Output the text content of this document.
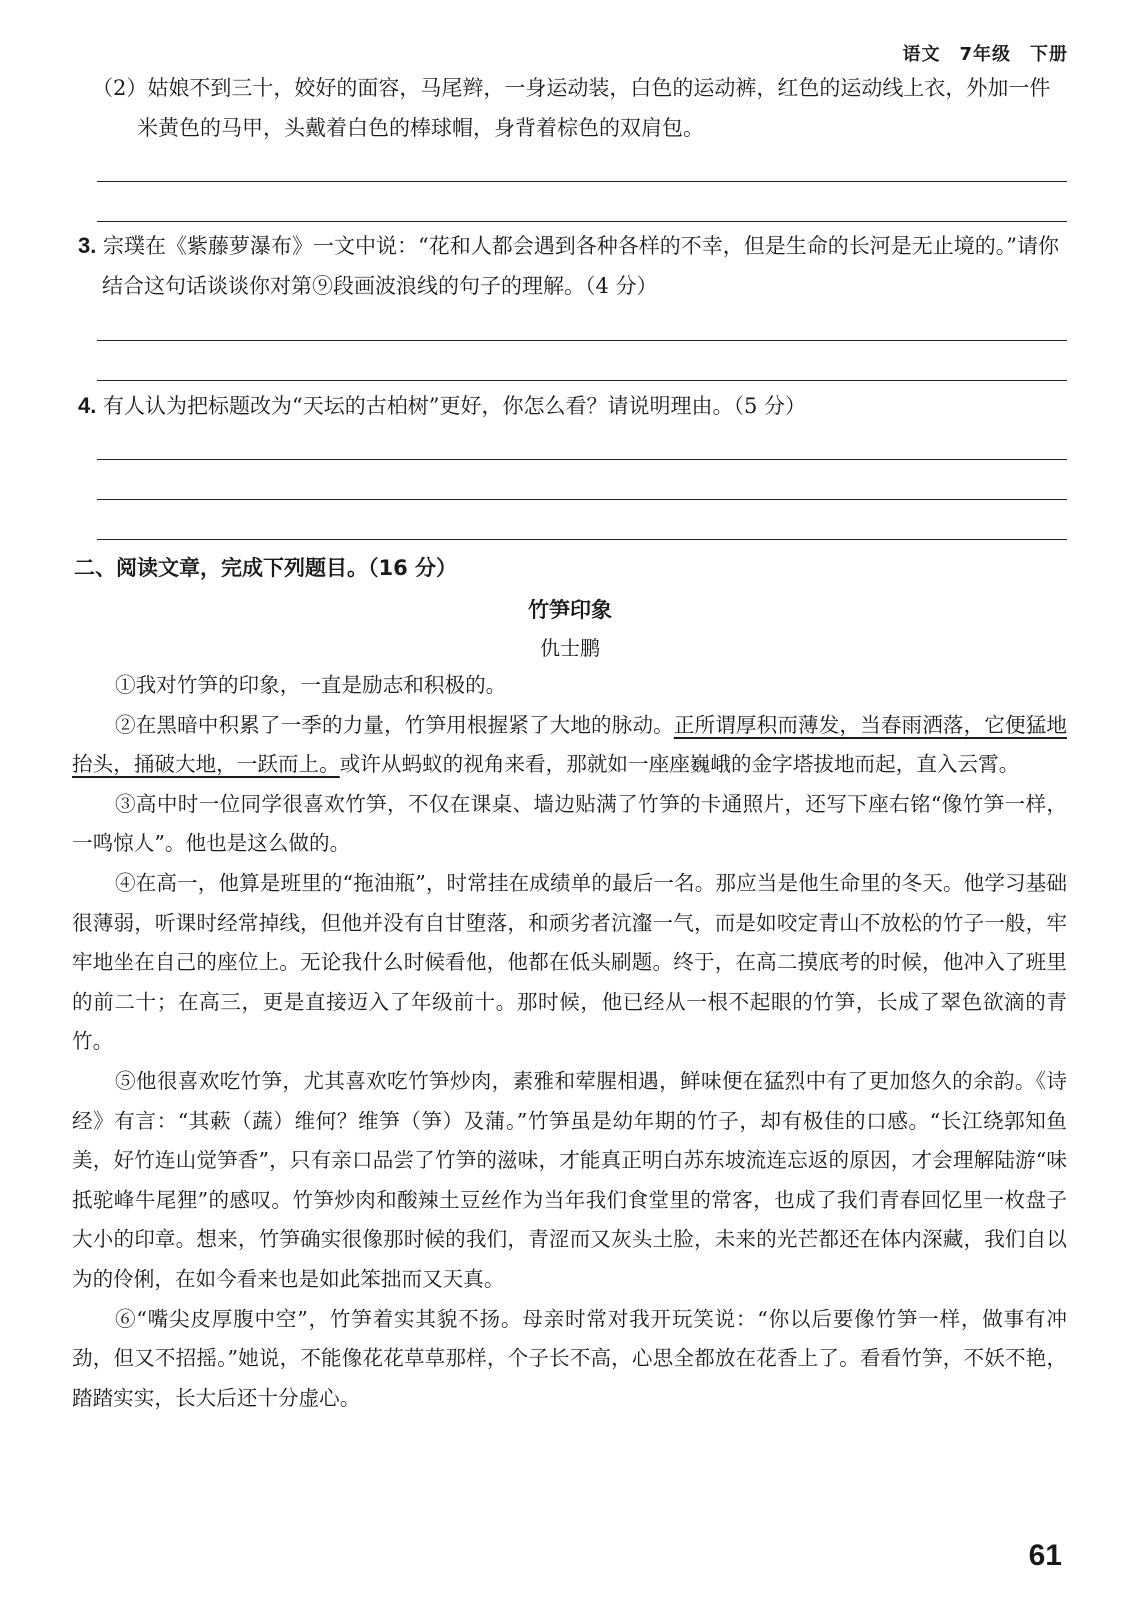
语文　7年级　下册
（2）姑娘不到三十，姣好的面容，马尾辫，一身运动装，白色的运动裤，红色的运动线上衣，外加一件米黄色的马甲，头戴着白色的棒球帽，身背着棕色的双肩包。
3. 宗璞在《紫藤萝瀑布》一文中说：“花和人都会遇到各种各样的不幸，但是生命的长河是无止境的。”请你结合这句话谈谈你对第⑨段画波浪线的句子的理解。（4 分）
4. 有人认为把标题改为“天坛的古柏树”更好，你怎么看？请说明理由。（5 分）
二、阅读文章，完成下列题目。（16 分）
竹笋印象
仇士鹏

①我对竹笋的印象，一直是励志和积极的。

②在黑暗中积累了一季的力量，竹笋用根握紧了大地的脉动。正所谓厚积而薄发，当春雨洒落，它便猛地抬头，捅破大地，一跃而上。或许从蚂蚁的视角来看，那就如一座座巍峨的金字塔拔地而起，直入云霄。

③高中时一位同学很喜欢竹笋，不仅在课桌、墙边贴满了竹笋的卡通照片，还写下座右铭“像竹笋一样，一鸣惊人”。他也是这么做的。

④在高一，他算是班里的“拖油瓶”，时常挂在成绩单的最后一名。那应当是他生命里的冬天。他学习基础很薄弱，听课时经常掉线，但他并没有自甘堕落，和顽劣者沆瀣一气，而是如咬定青山不放松的竹子一般，牢牢地坐在自己的座位上。无论我什么时候看他，他都在低头刷题。终于，在高二摸底考的时候，他冲入了班里的前二十；在高三，更是直接迈入了年级前十。那时候，他已经从一根不起眼的竹笋，长成了翠色欲滴的青竹。

⑤他很喜欢吃竹笋，尤其喜欢吃竹笋炒肉，素雅和荤腥相遇，鲜味便在猛烈中有了更加悠久的余韵。《诗经》有言：“其蔌（蔬）维何？维笋（笋）及蒲。”竹笋虽是幼年期的竹子，却有极佳的口感。“长江绕郭知鱼美，好竹连山觉笋香”，只有亲口品尝了竹笋的滋味，才能真正明白苏东坡流连忘返的原因，才会理解陆游“味抵驼峰牛尾狸”的感叹。竹笋炒肉和酸辣土豆丝作为当年我们食堂里的常客，也成了我们青春回忆里一枚盘子大小的印章。想来，竹笋确实很像那时候的我们，青涩而又灰头土脸，未来的光芒都还在体内深藏，我们自以为的伶俐，在如今看来也是如此笨拙而又天真。

⑥“嘴尖皮厚腹中空”，竹笋着实其貌不扬。母亲时常对我开玩笑说：“你以后要像竹笋一样，做事有冲劲，但又不招摇。”她说，不能像花花草草那样，个子长不高，心思全都放在花香上了。看看竹笋，不妖不艳，踏踏实实，长大后还十分虚心。

61
